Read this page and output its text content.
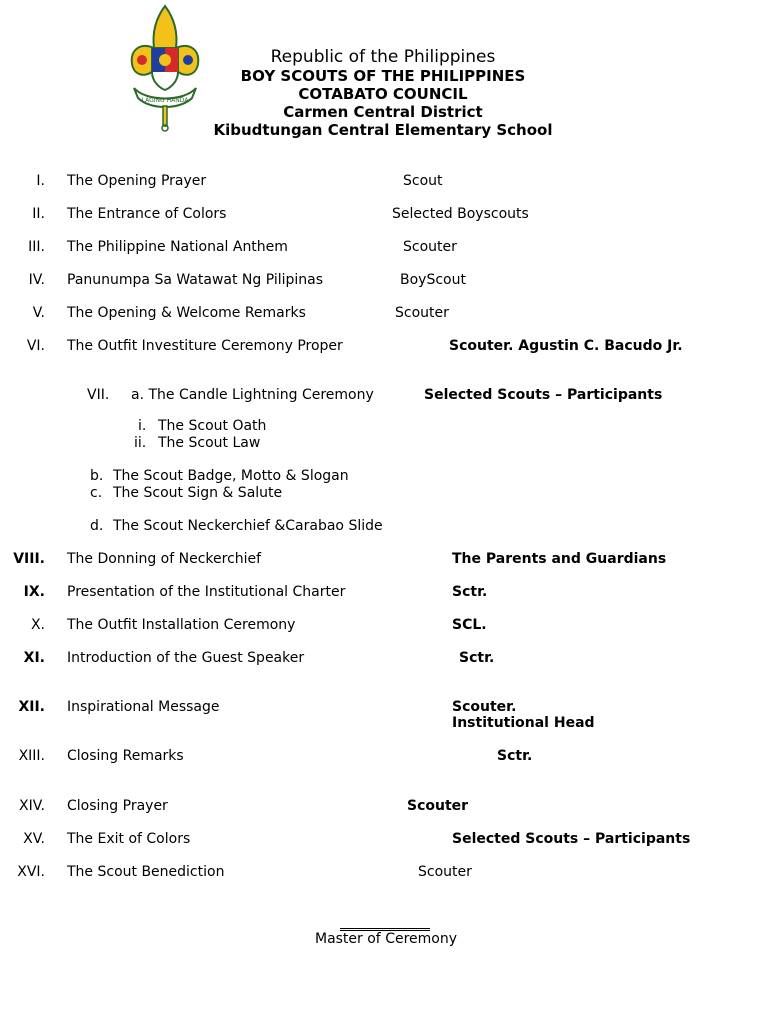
LAGING HANDA
Republic of the Philippines
BOY SCOUTS OF THE PHILIPPINES
COTABATO COUNCIL
Carmen Central District
Kibudtungan Central Elementary School
I. The Opening Prayer	Scout
II. The Entrance of Colors	Selected Boyscouts
III. The Philippine National Anthem	Scouter
IV. Panunumpa Sa Watawat Ng Pilipinas	BoyScout
V. The Opening & Welcome Remarks	Scouter
VI. The Outfit Investiture Ceremony Proper	Scouter. Agustin C. Bacudo Jr.
VII. a. The Candle Lightning Ceremony	Selected Scouts – Participants
i. The Scout Oath
ii. The Scout Law
b. The Scout Badge, Motto & Slogan
c. The Scout Sign & Salute
d. The Scout Neckerchief &Carabao Slide
VIII. The Donning of Neckerchief	The Parents and Guardians
IX. Presentation of the Institutional Charter	Sctr.
X. The Outfit Installation Ceremony	SCL.
XI. Introduction of the Guest Speaker	Sctr.
XII. Inspirational Message	Scouter.
Institutional Head
XIII. Closing Remarks	Sctr.
XIV. Closing Prayer	Scouter
XV. The Exit of Colors	Selected Scouts – Participants
XVI. The Scout Benediction	Scouter
Master of Ceremony
